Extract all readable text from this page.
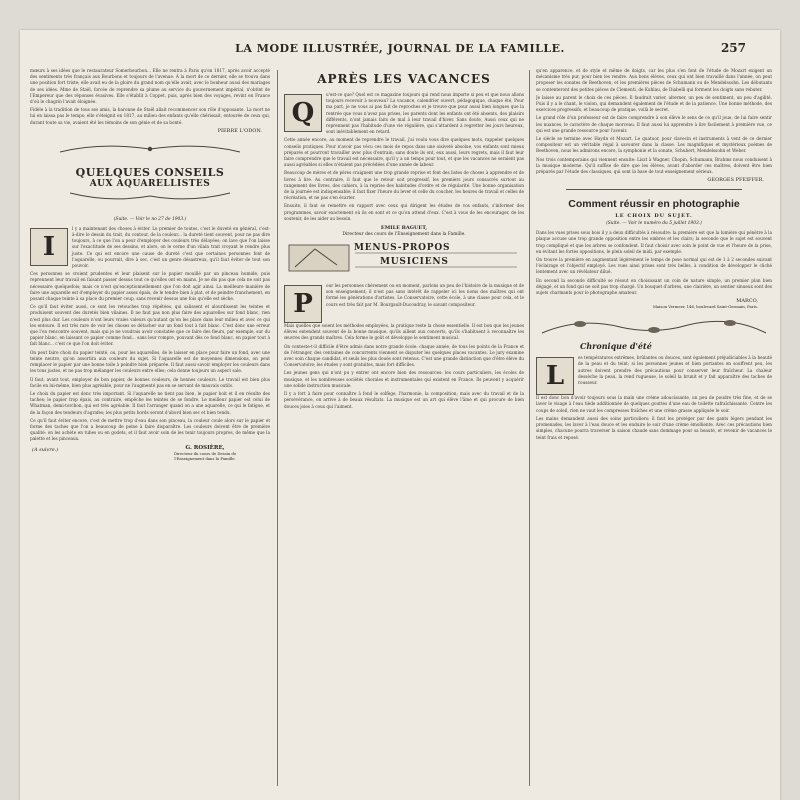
LA MODE ILLUSTRÉE, JOURNAL DE LA FAMILLE.	257

mœurs à ses idées que le restaurateur Somerbourbon... Elle ne rentra à Paris qu'en 1817, après avoir accepté des sentiments très français aux Bourbons et toujours de l'avenue. À la mort de ce dernier, elle se trouva dans une position fort triste; elle avait eu de la gloire du grand nom qu'elle avait, avec le bonheur aussi des mariages de ses idées. Mme de Staël, forcée de reprendre sa plume au service du gouvernement impérial, n'obtint de l'Empereur que des réponses évasives. Elle s'établit à Coppet, puis, après bien des voyages, revint en France d'où le chagrin l'avait éloignée.

Fidèle à la tradition de tous ses amis, la baronne de Staël allait recommencer son rôle d'opposante. La mort ne lui en laissa pas le temps; elle s'éteignit en 1817, au milieu des enfants qu'elle chérissait, entourée de ceux qui, durant toute sa vie, avaient été les témoins de son génie et de sa bonté.

PIERRE L'ODON.
QUELQUES CONSEILS
AUX AQUARELLISTES
(Suite. — Voir le no 27 de 1903.)
I

l y a maintenant des choses à éviter. Le premier de toutes, c'est le duveté en général, c'est-à-dire le dessin du trait, du contour, de la couleur... la dureté tient souvent, pour ne pas dire toujours, à ce que l'on a peur d'employer des couleurs très délayées; on lave que l'on laisse sur l'exactitude de ses dessins, et alors, on le cerne d'un vilain trait croyant le rendre plus juste. Ce qui est encore une cause de dureté c'est que certaines personnes font de l'aquarelle, ou pourrait, dire à sec, c'est un genre désastreux, qu'il faut éviter de tout son pouvoir.

Ces personnes se croient prudentes et leur plaisent sur le papier mouillé par un pinceau humide, puis reprennent leur travail en faisant passer dessus tout ce qu'elles ont en mains. Je ne dis pas que cela ne soit pas nécessaire quelquefois; mais ce n'est qu'exceptionnellement que l'on doit agir ainsi. La meilleure manière de faire une aquarelle est d'employer du papier assez épais, de le tendre bien à plat, et de peindre franchement, en posant chaque teinte à sa place du premier coup, sans revenir dessus une fois qu'elle est sèche.

Ce qu'il faut éviter aussi, ce sont les retouches trop répétées, qui salissent et alourdissent les teintes et produisent souvent des duretés bien vilaines. Il ne faut pas non plus faire des aquarelles sur fond blanc, rien n'est plus dur. Les couleurs n'ont leurs vraies valeurs qu'autant qu'on les place dans leur milieu et avec ce qui les entoure. Il est très rare de voir les choses se détacher sur un fond tout à fait blanc. C'est donc une erreur que l'on rencontre souvent, mais qui je ne voudrais avoir constatée que ce faire des fleurs, par exemple, sur du papier blanc, en laissant ce papier comme fond... sans leur rompre, pouvant dès ce fond blanc, en papier tout à fait blanc... c'est ce que l'on doit éviter.

On peut faire choix du papier teinté, ou, pour les aquarelles, de le laisser en place pour faire un fond, avec une teinte neutre, qu'on assortira aux couleurs du sujet. Si l'aquarelle est de moyennes dimensions, on peut remplacer le papier par une bonne toile à peindre bien préparée. Il faut aussi savoir employer les couleurs dans les tons justes, et ne pas trop mélanger les couleurs entre elles; cela donne toujours un aspect sale.

Il faut, avant tout, employer de bon papier, de bonnes couleurs, de bonnes couleurs. Le travail est bien plus facile en lui-même, bien plus agréable, pour ne l'augmenté pas en se servant de mauvais outils.

Le choix du papier est donc très important. Si l'aquarelle ne tient pas bien, le papier boit et il en résulte des taches; le papier trop épais, au contraire, empêche les teintes de se fondre. Le meilleur papier est celui de Whatman, demi-torchon, qui est très agréable. Il faut l'arranger quand on a une aquarelle, ce qui le fatigue, et de la façon des tendeurs d'agrafes; les plus petits bords seront d'abord bien sec et bien tendu.

Ce qu'il faut éviter encore, c'est de mettre trop d'eau dans son pinceau, la couleur coule alors sur le papier et forme des taches que l'on a beaucoup de peine à faire disparaître. Les couleurs doivent être de première qualité: on les achète en tubes ou en godets, et il faut avoir soin de les tenir toujours propres, de même que la palette et les pinceaux.

(A suivre.)	G. ROSIÈRE,
Directeur du cours de Dessin de l'Enseignement dans la Famille.
APRÈS LES VACANCES
Q

u'est-ce que? Quel est ce magazine toujours qui rend nous importe si peu et que nous allons toujours recevoir à nouveau? La vacance, calendrier ouvert, pédagogique, chaque été, Pour ma part, je ne vous ai pas fait de reproches et je trouve que pour aussi bien longues que la rentrée que vous n'avez pas prises, les parents dont les enfants ont été absents, des plaisirs différents, n'ont jamais faits de mal à leur travail d'hiver. Sans doute, Aussi ceux qui ne reprennent pas l'habitude d'une vie régulière, qui s'attardent à regretter les jours heureux, sont inévitablement en retard.

Cette année encore, au moment de reprendre le travail, j'ai voulu vous dire quelques mots, rappeler quelques conseils pratiques. Pour n'avoir pas vécu ces mois de repos dans une oisiveté absolue, vos enfants sont mieux préparés et pourront travailler avec plus d'entrain; sans doute ils ont, eux aussi, leurs regrets, mais il faut leur faire comprendre que le travail est nécessaire, qu'il y a un temps pour tout, et que les vacances ne seraient pas aussi agréables si elles n'étaient pas précédées d'une année de labeur.

Beaucoup de mères et de pères craignent une trop grande reprise et font des listes de choses à apprendre et de livres à lire. Au contraire, il faut que le retour soit progressif, les premiers jours consacrés surtout au rangement des livres, des cahiers, à la reprise des habitudes d'ordre et de régularité. Une bonne organisation de la journée est indispensable; il faut fixer l'heure du lever et celle du coucher, les heures de travail et celles de récréation, et ne pas s'en écarter.

Ensuite, il faut se remettre en rapport avec ceux qui dirigent les études de vos enfants, s'informer des programmes, savoir exactement où ils en sont et ce qu'on attend d'eux. C'est à vous de les encourager, de les soutenir, de les aider au besoin.

EMILE BAGUET,
Directeur des cours de l'Enseignement dans la Famille.
MENUS-PROPOS
MUSICIENS
P

our les personnes chérement ou en moment, parlons un peu de l'histoire de la musique et de son enseignement; il n'est pas sans intérêt de rappeler ici les noms des maîtres qui ont formé les générations d'artistes. Le Conservatoire, cette école, à une classe pour cela, et le cours est très fait par M. Bourgault-Ducoudray, le savant compositeur.

Mais quelles que soient les méthodes employées, la pratique reste la chose essentielle. Il est bon que les jeunes élèves entendent souvent de la bonne musique, qu'ils aillent aux concerts, qu'ils s'habituent à reconnaître les œuvres des grands maîtres. Cela forme le goût et développe le sentiment musical.

On conteste-t-il difficile d'être admis dans notre grande école: chaque année, de tous les points de la France et de l'étranger, des centaines de concurrents viennent se disputer les quelques places vacantes. Le jury examine avec soin chaque candidat, et seuls les plus doués sont retenus. C'est une grande distinction que d'être élève du Conservatoire; les études y sont gratuites, mais fort difficiles.

Les jeunes gens qui n'ont pu y entrer ont encore bien des ressources: les cours particuliers, les écoles de musique, et les nombreuses sociétés chorales et instrumentales qui existent en France. Ils peuvent y acquérir une solide instruction musicale.

Il y a fort à faire pour connaître à fond le solfège, l'harmonie, la composition; mais avec du travail et de la persévérance, on arrive à de beaux résultats. La musique est un art qui élève l'âme et qui procure de bien douces joies à ceux qui l'aiment.

qu'en apparence, et de style et même de doigts, car les plus s'en font de l'étude de Mozart exigent un mécanisme très pur, pour bien les rendre. Aux bons élèves, ceux qui ont bien travaillé dans l'année, on peut proposer les sonates de Beethoven, et les premières pièces de Schumann ou de Mendelssohn. Les débutants se contenteront des petites pièces de Clementi, de Kuhlau, de Diabelli qui forment les doigts sans rebuter.

Je laisse au parent le choix de ces pièces. Il faudrait varier, alterner, un peu de sentiment, un peu d'agilité. Puis il y a le chant, le violon, qui demandent également de l'étude et de la patience. Une bonne méthode, des exercices progressifs, et beaucoup de pratique, voilà le secret.

Le grand rôle d'un professeur est de faire comprendre à son élève le sens de ce qu'il joue, de lui faire sentir les nuances, le caractère de chaque morceau. Il faut aussi lui apprendre à lire facilement à première vue, ce qui est une grande ressource pour l'avenir.

Le siècle se termine avec Haydn et Mozart. Le quatuor, pour clavecin et instruments à vent de ce dernier compositeur est un véritable régal à savourer dans la classe. Les magnifiques et mystérieux poèmes de Beethoven, nous les admirons encore, la symphonie et la sonate, Schubert, Mendelssohn et Weber.

Nos trois contemporains qui viennent ensuite: Liszt à Wagner, Chopin, Schumann, Brahms nous conduisent à la musique moderne. Qu'il suffise de dire que les élèves, avant d'aborder ces maîtres, doivent être bien préparés par l'étude des classiques, qui sont la base de tout enseignement sérieux.

GEORGES PFEIFFER.
Comment réussir en photographie
LE CHOIX DU SUJET.
(Suite. — Voir le numéro du 5 juillet 1903.)

Dans les vues prises sous bois il y a deux difficultés à résoudre: la première est que la lumière qui pénètre à la plaque accuse une trop grande opposition entre les ombres et les clairs; la seconde que le sujet est souvent trop compliqué et que les arbres se confondent. Il faut choisir avec soin le point de vue et l'heure de la prise, en évitant les fortes oppositions, le plein soleil de midi, par exemple.

On trouve la première en augmentant légèrement le temps de pose normal qui est de 1 à 2 secondes suivant l'éclairage et l'objectif employé. Les vues ainsi prises sont très belles, à condition de développer le cliché lentement avec un révélateur dilué.

En second la seconde difficulté se résout en choisissant un coin de nature simple, un premier plan bien dégagé, et un fond qui ne soit pas trop chargé. Un bouquet d'arbres, une clairière, un sentier sinueux sont des sujets charmants pour le photographe amateur.

MARCO,
Maison Vermeer, 146, boulevard Saint-Germain, Paris.
Chronique d'été
L

es températures extrêmes, brûlantes ou douces, sont également préjudiciables à la beauté de la peau et du teint; si les personnes jeunes et bien portantes en souffrent peu, les autres doivent prendre des précautions pour conserver leur fraîcheur. La chaleur dessèche la peau, la rend rugueuse, le soleil la brunit et y fait apparaître des taches de rousseur.

Il est donc bon d'avoir toujours sous la main une crème adoucissante, un peu de poudre très fine, et de se laver le visage à l'eau tiède additionnée de quelques gouttes d'une eau de toilette rafraîchissante. Contre les coups de soleil, rien ne vaut les compresses fraîches et une crème grasse appliquée le soir.

Les mains demandent aussi des soins particuliers: il faut les protéger par des gants légers pendant les promenades, les laver à l'eau douce et les enduire le soir d'une crème émolliente. Avec ces précautions bien simples, chacune pourra traverser la saison chaude sans dommage pour sa beauté, et revenir de vacances le teint frais et reposé.
